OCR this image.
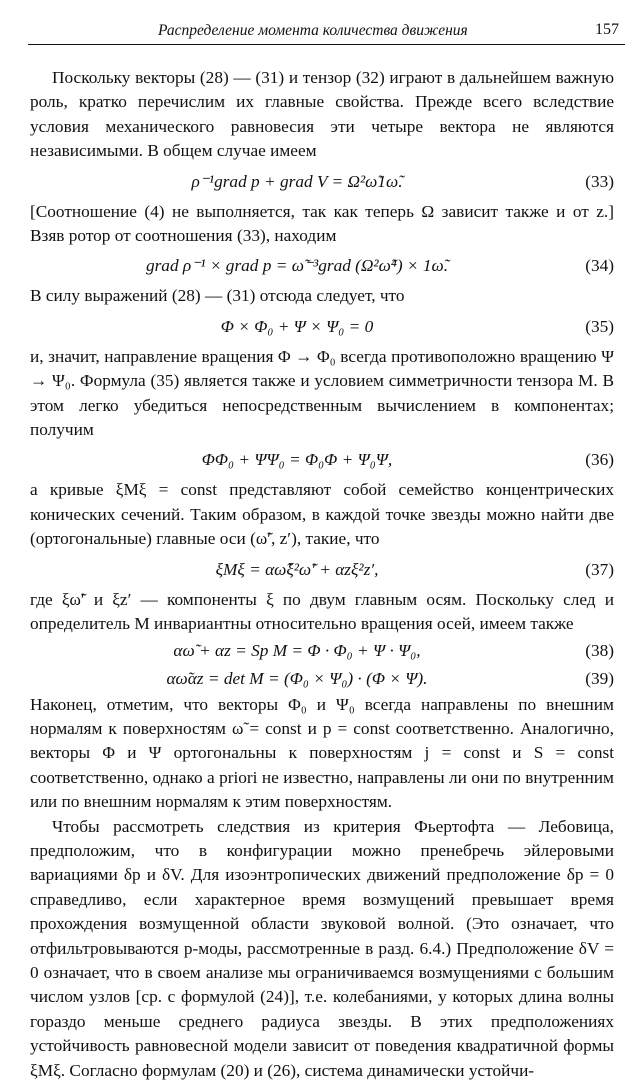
Распределение момента количества движения	157

Поскольку векторы (28) — (31) и тензор (32) играют в дальнейшем важную роль, кратко перечислим их главные свойства. Прежде всего вследствие условия механического равновесия эти четыре вектора не являются независимыми. В общем случае имеем

ρ⁻¹grad p + grad V = Ω²ω̃1ω̃.	(33)

[Соотношение (4) не выполняется, так как теперь Ω зависит также и от z.] Взяв ротор от соотношения (33), находим

grad ρ⁻¹ × grad p = ω̃⁻³grad (Ω²ω̃⁴) × 1ω̃.	(34)

В силу выражений (28) — (31) отсюда следует, что

Φ × Φ₀ + Ψ × Ψ₀ = 0	(35)

и, значит, направление вращения Φ → Φ₀ всегда противоположно вращению Ψ → Ψ₀. Формула (35) является также и условием симметричности тензора M. В этом легко убедиться непосредственным вычислением в компонентах; получим

ΦΦ₀ + ΨΨ₀ = Φ₀Φ + Ψ₀Ψ,	(36)

а кривые ξMξ = const представляют собой семейство концентрических конических сечений. Таким образом, в каждой точке звезды можно найти две (ортогональные) главные оси (ω̃′, z′), такие, что

ξMξ = αω̃ξ²ω̃′ + αzξ²z′,	(37)

где ξω̃′ и ξz′ — компоненты ξ по двум главным осям. Поскольку след и определитель M инвариантны относительно вращения осей, имеем также

αω̃ + αz = Sp M = Φ · Φ₀ + Ψ · Ψ₀,	(38)
αω̃αz = det M = (Φ₀ × Ψ₀) · (Φ × Ψ).	(39)

Наконец, отметим, что векторы Φ₀ и Ψ₀ всегда направлены по внешним нормалям к поверхностям ω̃ = const и p = const соответственно. Аналогично, векторы Φ и Ψ ортогональны к поверхностям j = const и S = const соответственно, однако a priori не известно, направлены ли они по внутренним или по внешним нормалям к этим поверхностям.

Чтобы рассмотреть следствия из критерия Фьертофта — Лебовица, предположим, что в конфигурации можно пренебречь эйлеровыми вариациями δp и δV. Для изоэнтропических движений предположение δp = 0 справедливо, если характерное время возмущений превышает время прохождения возмущенной области звуковой волной. (Это означает, что отфильтровываются p-моды, рассмотренные в разд. 6.4.) Предположение δV = 0 означает, что в своем анализе мы ограничиваемся возмущениями с большим числом узлов [ср. с формулой (24)], т.е. колебаниями, у которых длина волны гораздо меньше среднего радиуса звезды. В этих предположениях устойчивость равновесной модели зависит от поведения квадратичной формы ξMξ. Согласно формулам (20) и (26), система динамически устойчи-
